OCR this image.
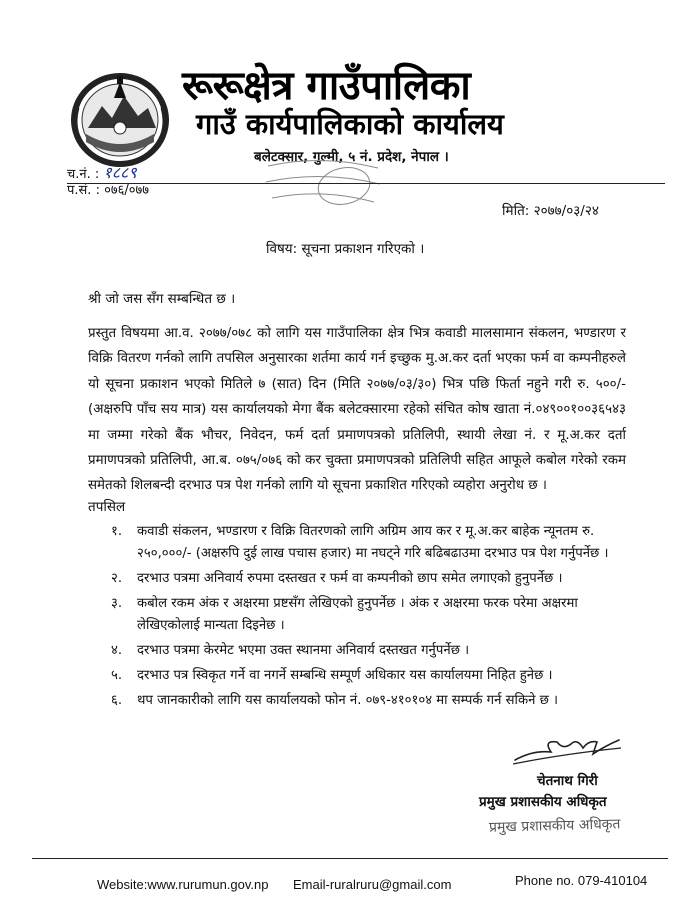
रूरूक्षेत्र गाउँपालिका
गाउँ कार्यपालिकाको कार्यालय
बलेटक्सार, गुल्मी, ५ नं. प्रदेश, नेपाल ।
च.नं. : १८८९
प.सं. : ०७६/०७७
मिति: २०७७/०३/२४
विषय: सूचना प्रकाशन गरिएको ।
श्री जो जस सँग सम्बन्धित छ ।
प्रस्तुत विषयमा आ.व. २०७७/०७८ को लागि यस गाउँपालिका क्षेत्र भित्र कवाडी मालसामान संकलन, भण्डारण र विक्रि वितरण गर्नको लागि तपसिल अनुसारका शर्तमा कार्य गर्न इच्छुक मु.अ.कर दर्ता भएका फर्म वा कम्पनीहरुले यो सूचना प्रकाशन भएको मितिले ७ (सात) दिन (मिति २०७७/०३/३०) भित्र पछि फिर्ता नहुने गरी रु. ५००/- (अक्षरुपि पाँच सय मात्र) यस कार्यालयको मेगा बैंक बलेटक्सारमा रहेको संचित कोष खाता नं.०४९००१००३६५४३ मा जम्मा गरेको बैंक भौचर, निवेदन, फर्म दर्ता प्रमाणपत्रको प्रतिलिपी, स्थायी लेखा नं. र मू.अ.कर दर्ता प्रमाणपत्रको प्रतिलिपी, आ.ब. ०७५/०७६ को कर चुक्ता प्रमाणपत्रको प्रतिलिपी सहित आफूले कबोल गरेको रकम समेतको शिलबन्दी दरभाउ पत्र पेश गर्नको लागि यो सूचना प्रकाशित गरिएको व्यहोरा अनुरोध छ ।
तपसिल
१. कवाडी संकलन, भण्डारण र विक्रि वितरणको लागि अग्रिम आय कर र मू.अ.कर बाहेक न्यूनतम रु. २५०,०००/- (अक्षरुपि दुई लाख पचास हजार) मा नघट्ने गरि बढिबढाउमा दरभाउ पत्र पेश गर्नुपर्नेछ ।
२. दरभाउ पत्रमा अनिवार्य रुपमा दस्तखत र फर्म वा कम्पनीको छाप समेत लगाएको हुनुपर्नेछ ।
३. कबोल रकम अंक र अक्षरमा प्रष्टसँग लेखिएको हुनुपर्नेछ । अंक र अक्षरमा फरक परेमा अक्षरमा लेखिएकोलाई मान्यता दिइनेछ ।
४. दरभाउ पत्रमा केरमेट भएमा उक्त स्थानमा अनिवार्य दस्तखत गर्नुपर्नेछ ।
५. दरभाउ पत्र स्विकृत गर्ने वा नगर्ने सम्बन्धि सम्पूर्ण अधिकार यस कार्यालयमा निहित हुनेछ ।
६. थप जानकारीको लागि यस कार्यालयको फोन नं. ०७९-४१०१०४ मा सम्पर्क गर्न सकिने छ ।
चेतनाथ गिरी
प्रमुख प्रशासकीय अधिकृत
प्रमुख प्रशासकीय अधिकृत
Website:www.rurumun.gov.np Email-ruralruru@gmail.com	Phone no. 079-410104
